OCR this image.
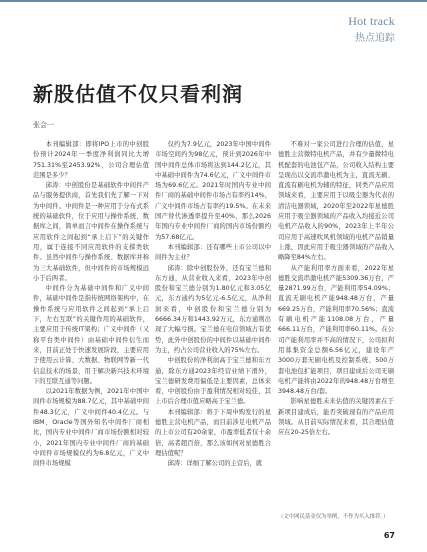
Hot track
热点追踪
新股估值不仅只看利润
张会一

本刊编辑部：即将IPO上市的中创股份预计2024年一季度净利润同比大增751.31%至2453.92%，公司合理估值范围是多少？

邱涛：中创股份是基础软件中间件产品与服务提供商，首先我们先了解一下对为中间件。中间件是一种应用于分布式系统的基础软件，位于应用与操作系统、数据库之间，简单而言中间件在操作系统与应用软件之间起到“承上启下”的关键作用，属于连接不同应用软件的支撑类软件。虽然中间件与操作系统、数据库并称为三大基础软件，但中间件的市场规模远小于后两者。

中间件分为基础中间件和广义中间件，基础中间件是指传统网络架构中，在操作系统与应用软件之间起到“承上启下，左右互联”的关键作用的基础软件，主要应用于传统IT架构；广义中间件（又称平台类中间件）由基础中间件衍生而来，目前正处于快速发展阶段，主要应用于使用云计算、大数据、物联网等新一代信息技术的场景，用于解决新兴技术环境下的互联互通等问题。

以2021年数据为例，2021年中国中间件市场规模为88.7亿元，其中基础中间件48.3亿元，广义中间件40.4亿元。与IBM、Oracle等国外知名中间件厂商相比，国内专业中间件厂商市场份额相对较小，2021年国内专业中间件厂商的基础中间件市场规模仅约为6.8亿元，广义中间件市场规模

仅约为7.9亿元，2023年中国中间件市场空间约为98亿元，预计到2026年中国中间件总体市场将达到144.2亿元，其中基础中间件为74.6亿元，广义中间件市场为69.6亿元。2021年时国内专业中间件厂商的基础中间件市场占有率约14%，广义中间件市场占有率约19.5%。在未来国产替代渗透率提升至40%，那么2026年国内专业中间件厂商的国内市场份额约为57.68亿元。

本刊编辑部：还有哪些上市公司以中间件为主业？

邱涛：除中创股份外，还有宝兰德和东方通，从营业收入来看，2023年中创股份和宝兰德分别为1.80亿元和3.05亿元，东方通约为5亿元-6.5亿元，从净利润来看，中创股份和宝兰德分别为6666.34万和1443.92万元，东方通则出现了大幅亏损。宝兰德在电信领域占有优势，此外中创股份的中间件以基础中间件为主，约占公司营业收入的75%左右。

中创股份的净利润高于宝兰德和东方通，除东方通2023年经营业绩下滑外，宝兰德研发费用偏低是主要因素，总体来看，中创股份由于盈利情况相对较佳，其上市后合理市值应略高于宝兰德。

本刊编辑部：将于下周申购发行的星德胜主营电机产品，而目前涉足电机产品的上市公司有20余家，市盈率低者仅十余倍，高者超百倍，那么该如何对星德胜合理估值呢？

邱涛：详细了解公司的主营后，就

不难对一家公司进行合理的估值，星德胜主营微特电机产品，并有少量微特电机配套的电池包产品，公司收入结构主要呈现出以交流串激电机为主，直流无刷、直流有刷电机为辅的特征，同类产品应用领域来看，主要应用于以吸尘器为代表的清洁电器领域，2020年至2022年星德胜应用于吸尘器领域的产品收入均接近公司电机产品收入的90%，2023年上半年公司应用于高速吹风机领域的电机产品销量上涨，因此应用于吸尘器领域的产品收入略降至84%左右。

从产能利用率方面来看，2022年星德胜交流串激电机产能5309.36万台，产量2871.99万台，产能利用率54.09%；直流无刷电机产能948.48万台，产量669.25万台，产能利用率70.56%；直流有刷电机产能1108.08万台，产量666.11万台，产能利用率60.11%。在公司产能利用率并不高的情况下，公司拟利用募集资金总额6.56亿元，建设年产3000万套无刷电机及控制系统、500万套电池包扩能项目，项目建成后公司无刷电机产能将由2022年的948.48万台增至3948.48万台/套。

影响星德胜未来估值的关键因素在于新项目建成后，能否突破现有的产品应用领域。从目前实际情况来看，其合理估值应在20-25倍左右。

（文中网民基金仅为举例，不作为买入推荐。）
67
